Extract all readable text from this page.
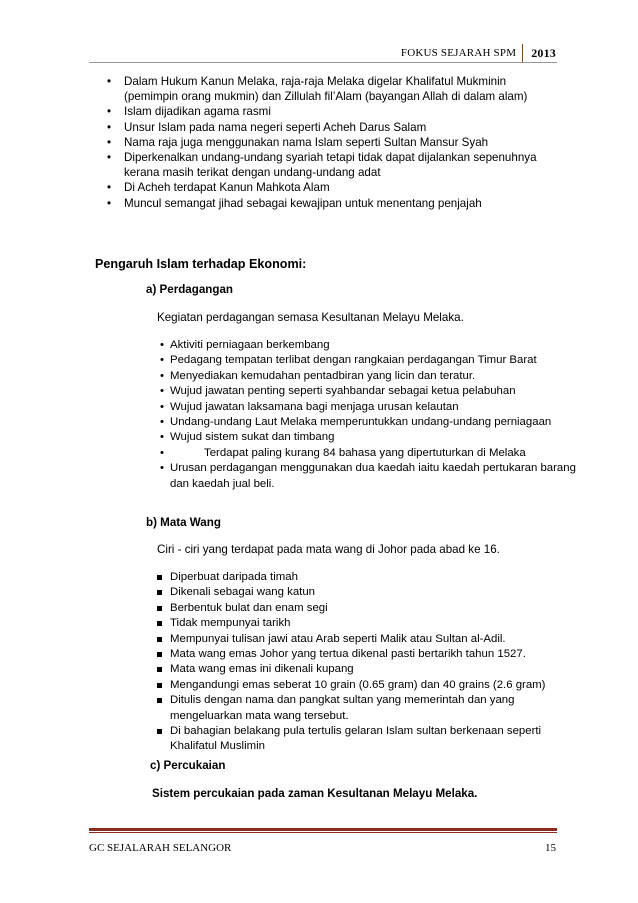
FOKUS SEJARAH SPM	2013
• Dalam Hukum Kanun Melaka, raja-raja Melaka digelar Khalifatul Mukminin (pemimpin orang mukmin) dan Zillulah fil’Alam (bayangan Allah di dalam alam)
• Islam dijadikan agama rasmi
• Unsur Islam pada nama negeri seperti Acheh Darus Salam
• Nama raja juga menggunakan nama Islam seperti Sultan Mansur Syah
• Diperkenalkan undang-undang syariah tetapi tidak dapat dijalankan sepenuhnya kerana masih terikat dengan undang-undang adat
• Di Acheh terdapat Kanun Mahkota Alam
• Muncul semangat jihad sebagai kewajipan untuk menentang penjajah
Pengaruh Islam terhadap Ekonomi:
a) Perdagangan
Kegiatan perdagangan semasa Kesultanan Melayu Melaka.
• Aktiviti perniagaan berkembang
• Pedagang tempatan terlibat dengan rangkaian perdagangan Timur Barat
• Menyediakan kemudahan pentadbiran yang licin dan teratur.
• Wujud jawatan penting seperti syahbandar sebagai ketua pelabuhan
• Wujud jawatan laksamana bagi menjaga urusan kelautan
• Undang-undang Laut Melaka memperuntukkan undang-undang perniagaan
• Wujud sistem sukat dan timbang
• Terdapat paling kurang 84 bahasa yang dipertuturkan di Melaka
• Urusan perdagangan menggunakan dua kaedah iaitu kaedah pertukaran barang dan kaedah jual beli.
b) Mata Wang
Ciri - ciri yang terdapat pada mata wang di Johor pada abad ke 16.
Diperbuat daripada timah
Dikenali sebagai wang katun
Berbentuk bulat dan enam segi
Tidak mempunyai tarikh
Mempunyai tulisan jawi atau Arab seperti Malik atau Sultan al-Adil.
Mata wang emas Johor yang tertua dikenal pasti bertarikh tahun 1527.
Mata wang emas ini dikenali kupang
Mengandungi emas seberat 10 grain (0.65 gram) dan 40 grains (2.6 gram)
Ditulis dengan nama dan pangkat sultan yang memerintah dan yang mengeluarkan mata wang tersebut.
Di bahagian belakang pula tertulis gelaran Islam sultan berkenaan seperti Khalifatul Muslimin
c) Percukaian
Sistem percukaian pada zaman Kesultanan Melayu Melaka.
GC SEJALARAH SELANGOR	15
